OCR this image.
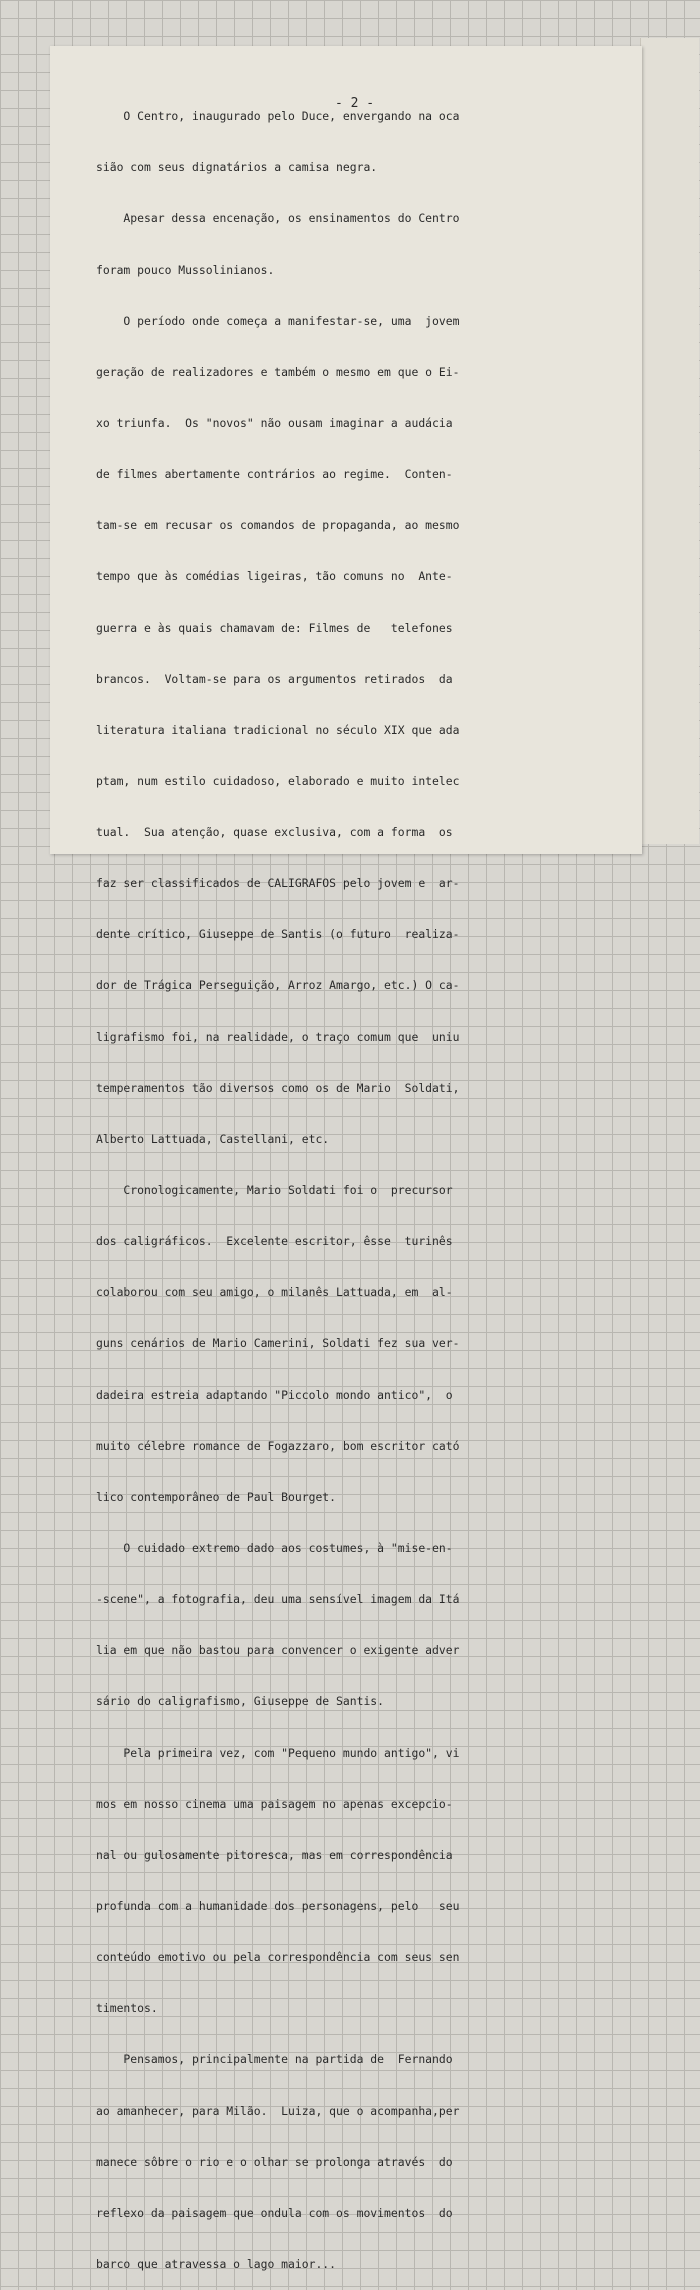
- 2 -

O Centro, inaugurado pelo Duce, envergando na oca

sião com seus dignatários a camisa negra.

Apesar dessa encenação, os ensinamentos do Centro

foram pouco Mussolinianos.

O período onde começa a manifestar-se, uma  jovem

geração de realizadores e também o mesmo em que o Ei-

xo triunfa.  Os "novos" não ousam imaginar a audácia

de filmes abertamente contrários ao regime.  Conten-

tam-se em recusar os comandos de propaganda, ao mesmo

tempo que às comédias ligeiras, tão comuns no  Ante-

guerra e às quais chamavam de: Filmes de   telefones

brancos.  Voltam-se para os argumentos retirados  da

literatura italiana tradicional no século XIX que ada

ptam, num estilo cuidadoso, elaborado e muito intelec

tual.  Sua atenção, quase exclusiva, com a forma  os

faz ser classificados de CALIGRAFOS pelo jovem e  ar-

dente crítico, Giuseppe de Santis (o futuro  realiza-

dor de Trágica Perseguição, Arroz Amargo, etc.) O ca-

ligrafismo foi, na realidade, o traço comum que  uniu

temperamentos tão diversos como os de Mario  Soldati,

Alberto Lattuada, Castellani, etc.

Cronologicamente, Mario Soldati foi o  precursor

dos caligráficos.  Excelente escritor, êsse  turinês

colaborou com seu amigo, o milanês Lattuada, em  al-

guns cenários de Mario Camerini, Soldati fez sua ver-

dadeira estreia adaptando "Piccolo mondo antico",  o

muito célebre romance de Fogazzaro, bom escritor cató

lico contemporâneo de Paul Bourget.

O cuidado extremo dado aos costumes, à "mise-en-

-scene", a fotografia, deu uma sensível imagem da Itá

lia em que não bastou para convencer o exigente adver

sário do caligrafismo, Giuseppe de Santis.

Pela primeira vez, com "Pequeno mundo antigo", vi

mos em nosso cinema uma paisagem no apenas excepcio-

nal ou gulosamente pitoresca, mas em correspondência

profunda com a humanidade dos personagens, pelo   seu

conteúdo emotivo ou pela correspondência com seus sen

timentos.

Pensamos, principalmente na partida de  Fernando

ao amanhecer, para Milão.  Luiza, que o acompanha,per

manece sôbre o rio e o olhar se prolonga através  do

reflexo da paisagem que ondula com os movimentos  do

barco que atravessa o lago maior...
